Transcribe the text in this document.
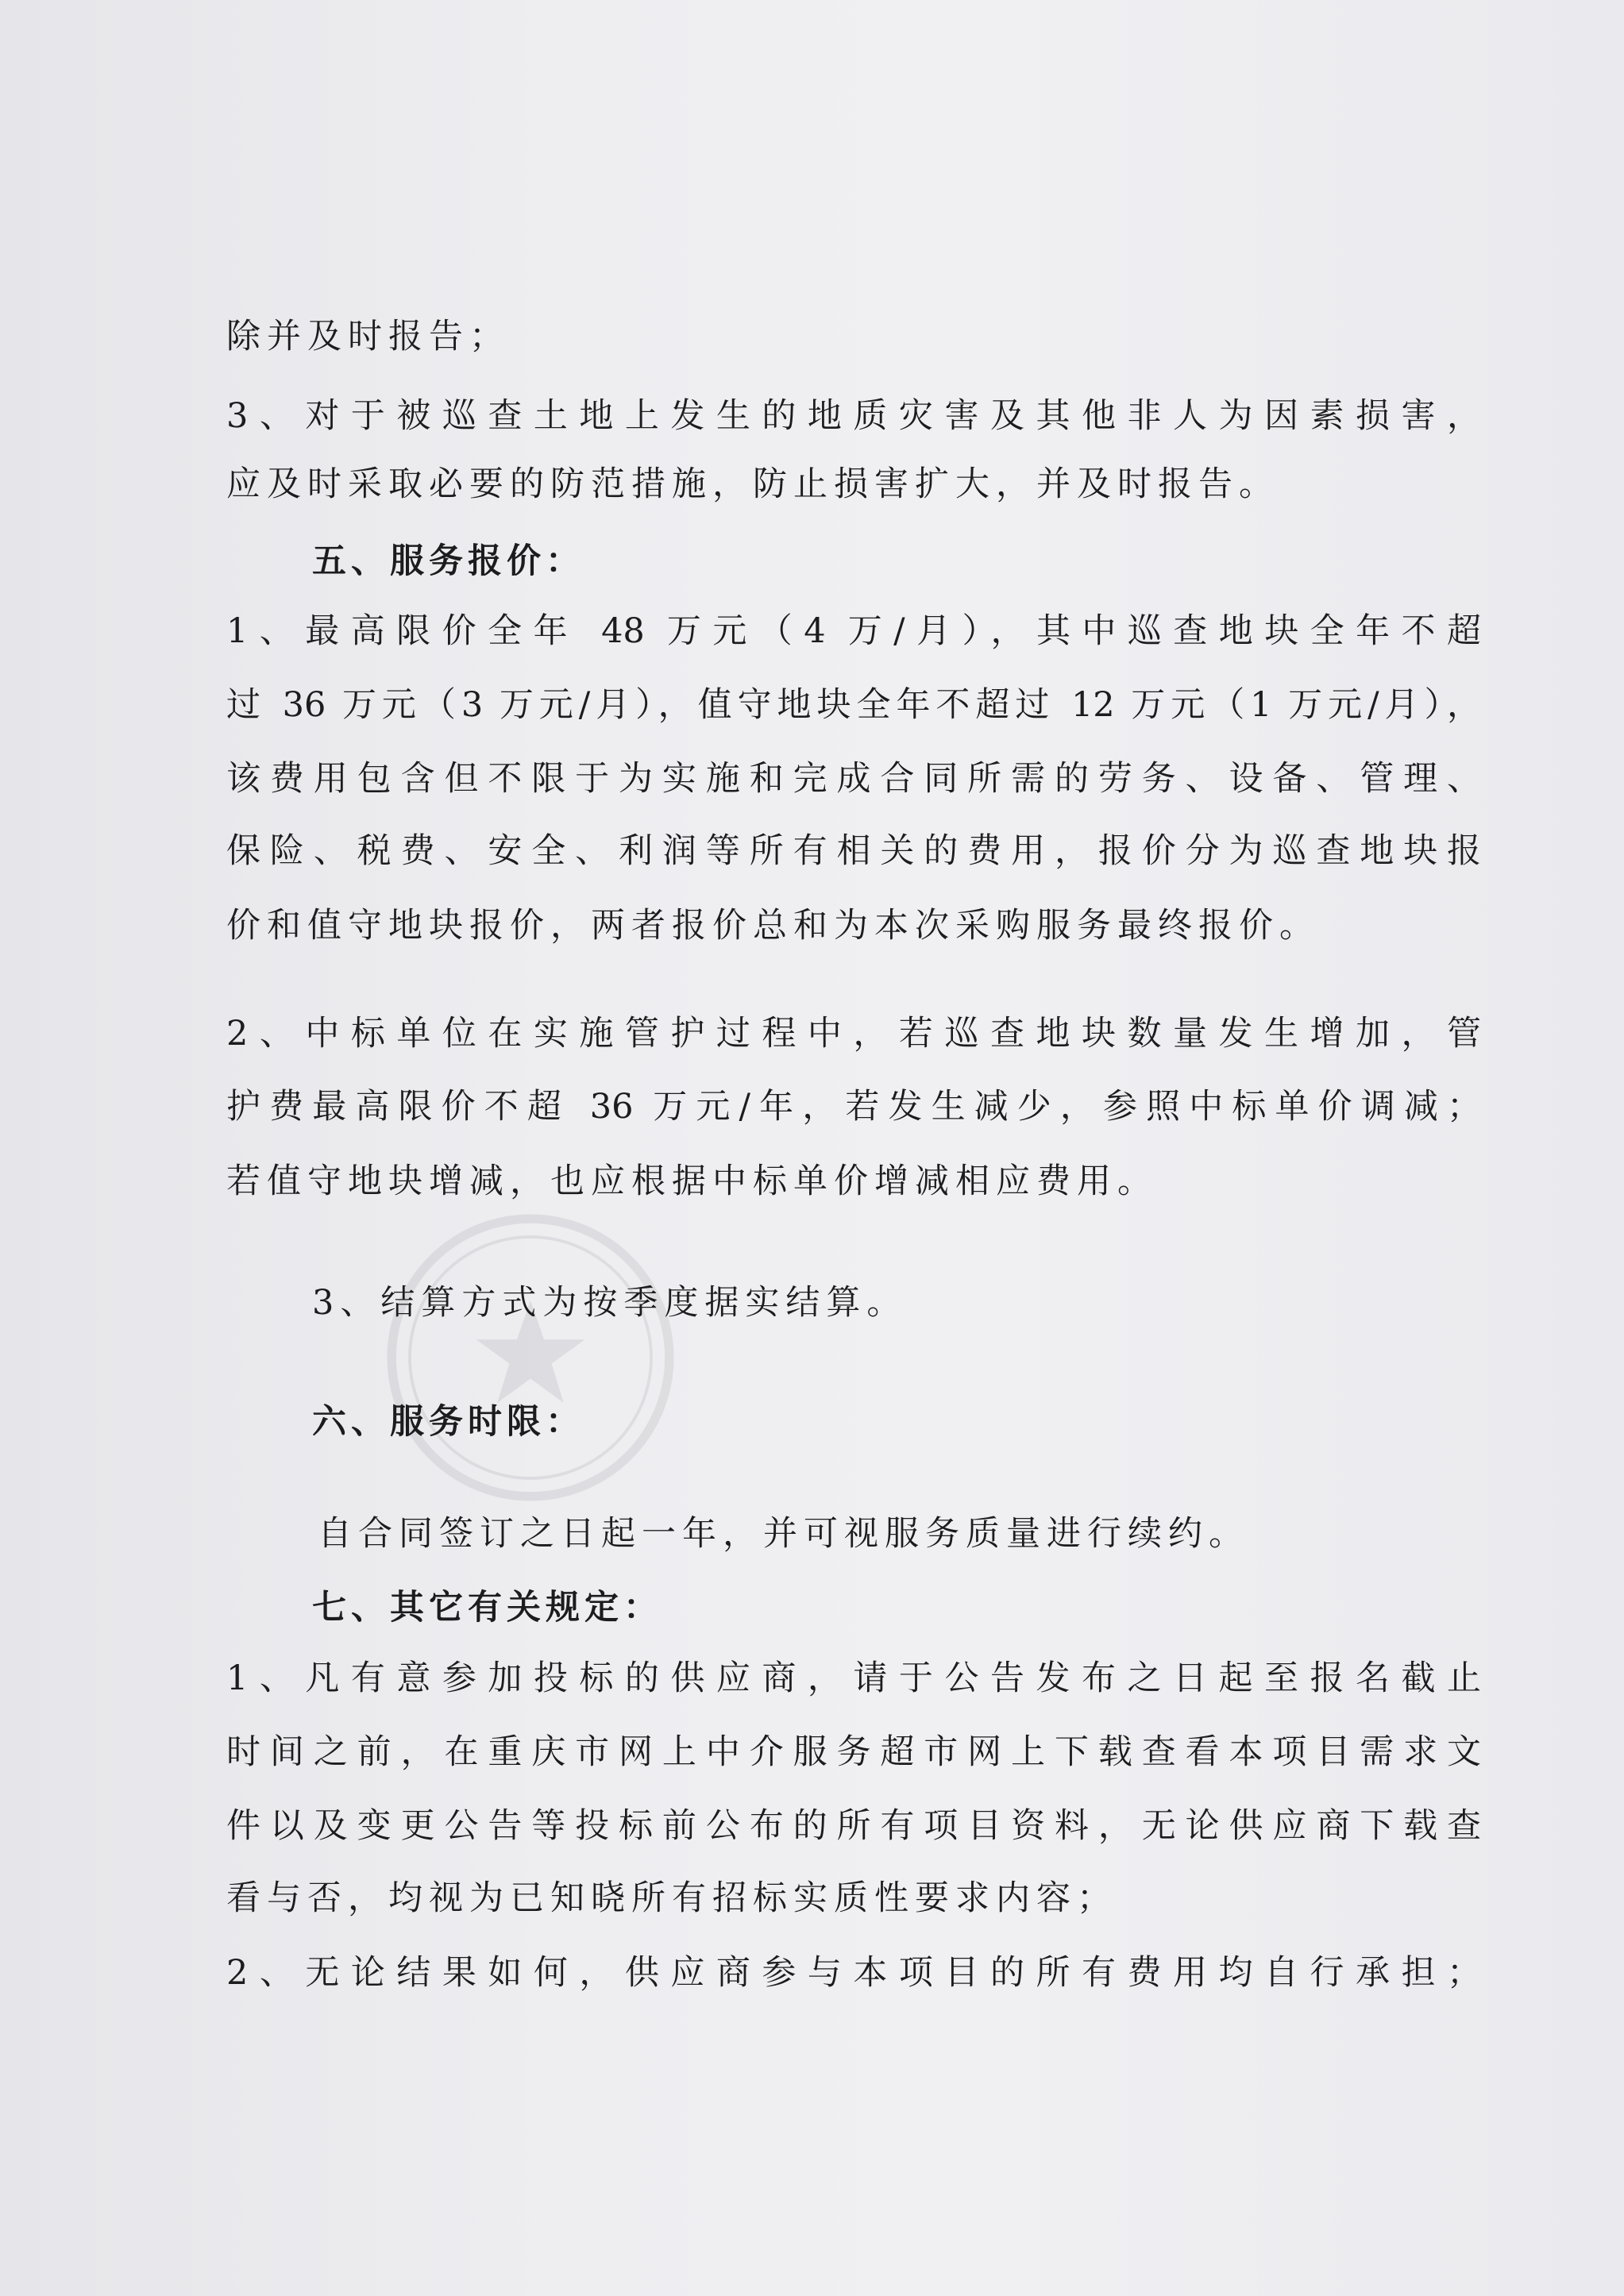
除并及时报告；
3、对于被巡查土地上发生的地质灾害及其他非人为因素损害，
应及时采取必要的防范措施，防止损害扩大，并及时报告。
五、服务报价：
1、最高限价全年 48 万元（4 万/月），其中巡查地块全年不超
过 36 万元（3 万元/月），值守地块全年不超过 12 万元（1 万元/月），
该费用包含但不限于为实施和完成合同所需的劳务、设备、管理、
保险、税费、安全、利润等所有相关的费用，报价分为巡查地块报
价和值守地块报价，两者报价总和为本次采购服务最终报价。
2、中标单位在实施管护过程中，若巡查地块数量发生增加，管
护费最高限价不超 36 万元/年，若发生减少，参照中标单价调减；
若值守地块增减，也应根据中标单价增减相应费用。
3、结算方式为按季度据实结算。
六、服务时限：
自合同签订之日起一年，并可视服务质量进行续约。
七、其它有关规定：
1、凡有意参加投标的供应商，请于公告发布之日起至报名截止
时间之前，在重庆市网上中介服务超市网上下载查看本项目需求文
件以及变更公告等投标前公布的所有项目资料，无论供应商下载查
看与否，均视为已知晓所有招标实质性要求内容；
2、无论结果如何，供应商参与本项目的所有费用均自行承担；
